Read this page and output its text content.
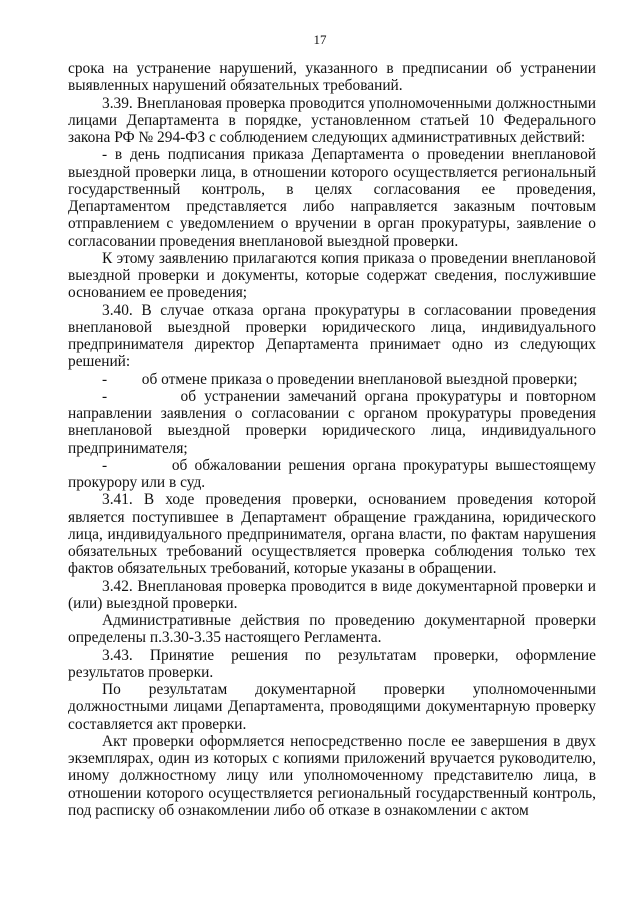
17

срока на устранение нарушений, указанного в предписании об устранении выявленных нарушений обязательных требований.

3.39. Внеплановая проверка проводится уполномоченными должностными лицами Департамента в порядке, установленном статьей 10 Федерального закона РФ № 294-ФЗ с соблюдением следующих административных действий:

- в день подписания приказа Департамента о проведении внеплановой выездной проверки лица, в отношении которого осуществляется региональный государственный контроль, в целях согласования ее проведения, Департаментом представляется либо направляется заказным почтовым отправлением с уведомлением о вручении в орган прокуратуры, заявление о согласовании проведения внеплановой выездной проверки.

К этому заявлению прилагаются копия приказа о проведении внеплановой выездной проверки и документы, которые содержат сведения, послужившие основанием ее проведения;

3.40. В случае отказа органа прокуратуры в согласовании проведения внеплановой выездной проверки юридического лица, индивидуального предпринимателя директор Департамента принимает одно из следующих решений:

-         об отмене приказа о проведении внеплановой выездной проверки;

-         об устранении замечаний органа прокуратуры и повторном направлении заявления о согласовании с органом прокуратуры проведения внеплановой выездной проверки юридического лица, индивидуального предпринимателя;

-         об обжаловании решения органа прокуратуры вышестоящему прокурору или в суд.

3.41. В ходе проведения проверки, основанием проведения которой является поступившее в Департамент обращение гражданина, юридического лица, индивидуального предпринимателя, органа власти, по фактам нарушения обязательных требований осуществляется проверка соблюдения только тех фактов обязательных требований, которые указаны в обращении.

3.42. Внеплановая проверка проводится в виде документарной проверки и (или) выездной проверки.

Административные действия по проведению документарной проверки определены п.3.30-3.35 настоящего Регламента.

3.43. Принятие решения по результатам проверки, оформление результатов проверки.

По результатам документарной проверки уполномоченными должностными лицами Департамента, проводящими документарную проверку составляется акт проверки.

Акт проверки оформляется непосредственно после ее завершения в двух экземплярах, один из которых с копиями приложений вручается руководителю, иному должностному лицу или уполномоченному представителю лица, в отношении которого осуществляется региональный государственный контроль, под расписку об ознакомлении либо об отказе в ознакомлении с актом
